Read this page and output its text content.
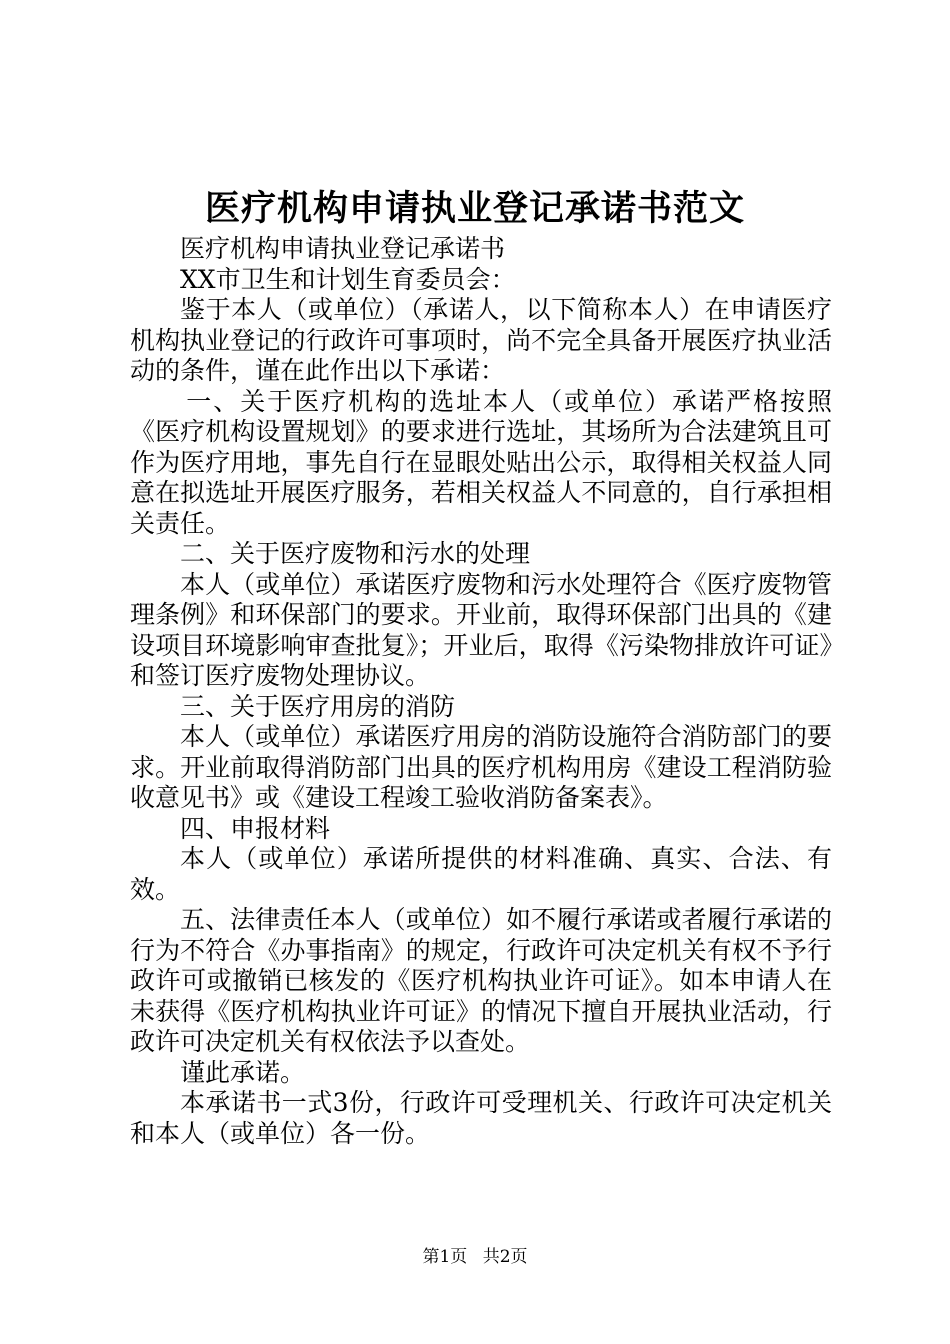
医疗机构申请执业登记承诺书范文

医疗机构申请执业登记承诺书

XX市卫生和计划生育委员会：

鉴于本人（或单位）（承诺人，以下简称本人）在申请医疗机构执业登记的行政许可事项时，尚不完全具备开展医疗执业活动的条件，谨在此作出以下承诺：

一、关于医疗机构的选址本人（或单位）承诺严格按照《医疗机构设置规划》的要求进行选址，其场所为合法建筑且可作为医疗用地，事先自行在显眼处贴出公示，取得相关权益人同意在拟选址开展医疗服务，若相关权益人不同意的，自行承担相关责任。

二、关于医疗废物和污水的处理

本人（或单位）承诺医疗废物和污水处理符合《医疗废物管理条例》和环保部门的要求。开业前，取得环保部门出具的《建设项目环境影响审查批复》；开业后，取得《污染物排放许可证》和签订医疗废物处理协议。

三、关于医疗用房的消防

本人（或单位）承诺医疗用房的消防设施符合消防部门的要求。开业前取得消防部门出具的医疗机构用房《建设工程消防验收意见书》或《建设工程竣工验收消防备案表》。

四、申报材料

本人（或单位）承诺所提供的材料准确、真实、合法、有效。

五、法律责任本人（或单位）如不履行承诺或者履行承诺的行为不符合《办事指南》的规定，行政许可决定机关有权不予行政许可或撤销已核发的《医疗机构执业许可证》。如本申请人在未获得《医疗机构执业许可证》的情况下擅自开展执业活动，行政许可决定机关有权依法予以查处。

谨此承诺。

本承诺书一式3份，行政许可受理机关、行政许可决定机关和本人（或单位）各一份。

第1页 共2页
